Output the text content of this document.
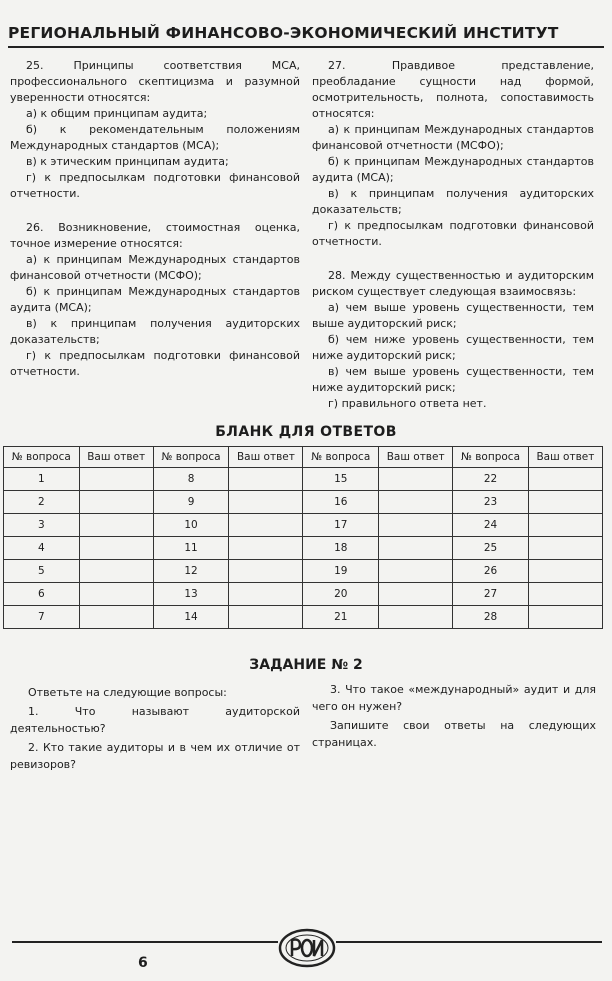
РЕГИОНАЛЬНЫЙ ФИНАНСОВО-ЭКОНОМИЧЕСКИЙ ИНСТИТУТ

25. Принципы соответствия МСА, профессионального скептицизма и разумной уверенности относятся:

а) к общим принципам аудита;

б) к рекомендательным положениям Международных стандартов (МСА);

в) к этическим принципам аудита;

г) к предпосылкам подготовки финансовой отчетности.

26. Возникновение, стоимостная оценка, точное измерение относятся:

а) к принципам Международных стандартов финансовой отчетности (МСФО);

б) к принципам Международных стандартов аудита (МСА);

в) к принципам получения аудиторских доказательств;

г) к предпосылкам подготовки финансовой отчетности.

27. Правдивое представление, преобладание сущности над формой, осмотрительность, полнота, сопоставимость относятся:

а) к принципам Международных стандартов финансовой отчетности (МСФО);

б) к принципам Международных стандартов аудита (МСА);

в) к принципам получения аудиторских доказательств;

г) к предпосылкам подготовки финансовой отчетности.

28. Между существенностью и аудиторским риском существует следующая взаимосвязь:

а) чем выше уровень существенности, тем выше аудиторский риск;

б) чем ниже уровень существенности, тем ниже аудиторский риск;

в) чем выше уровень существенности, тем ниже аудиторский риск;

г) правильного ответа нет.

БЛАНК ДЛЯ ОТВЕТОВ
№ вопроса	Ваш ответ	№ вопроса	Ваш ответ	№ вопроса	Ваш ответ	№ вопроса	Ваш ответ
1		8		15		22	
2		9		16		23	
3		10		17		24	
4		11		18		25	
5		12		19		26	
6		13		20		27	
7		14		21		28	
ЗАДАНИЕ № 2

Ответьте на следующие вопросы:

1. Что называют аудиторской деятельностью?

2. Кто такие аудиторы и в чем их отличие от ревизоров?

3. Что такое «международный» аудит и для чего он нужен?

Запишите свои ответы на следующих страницах.

6
